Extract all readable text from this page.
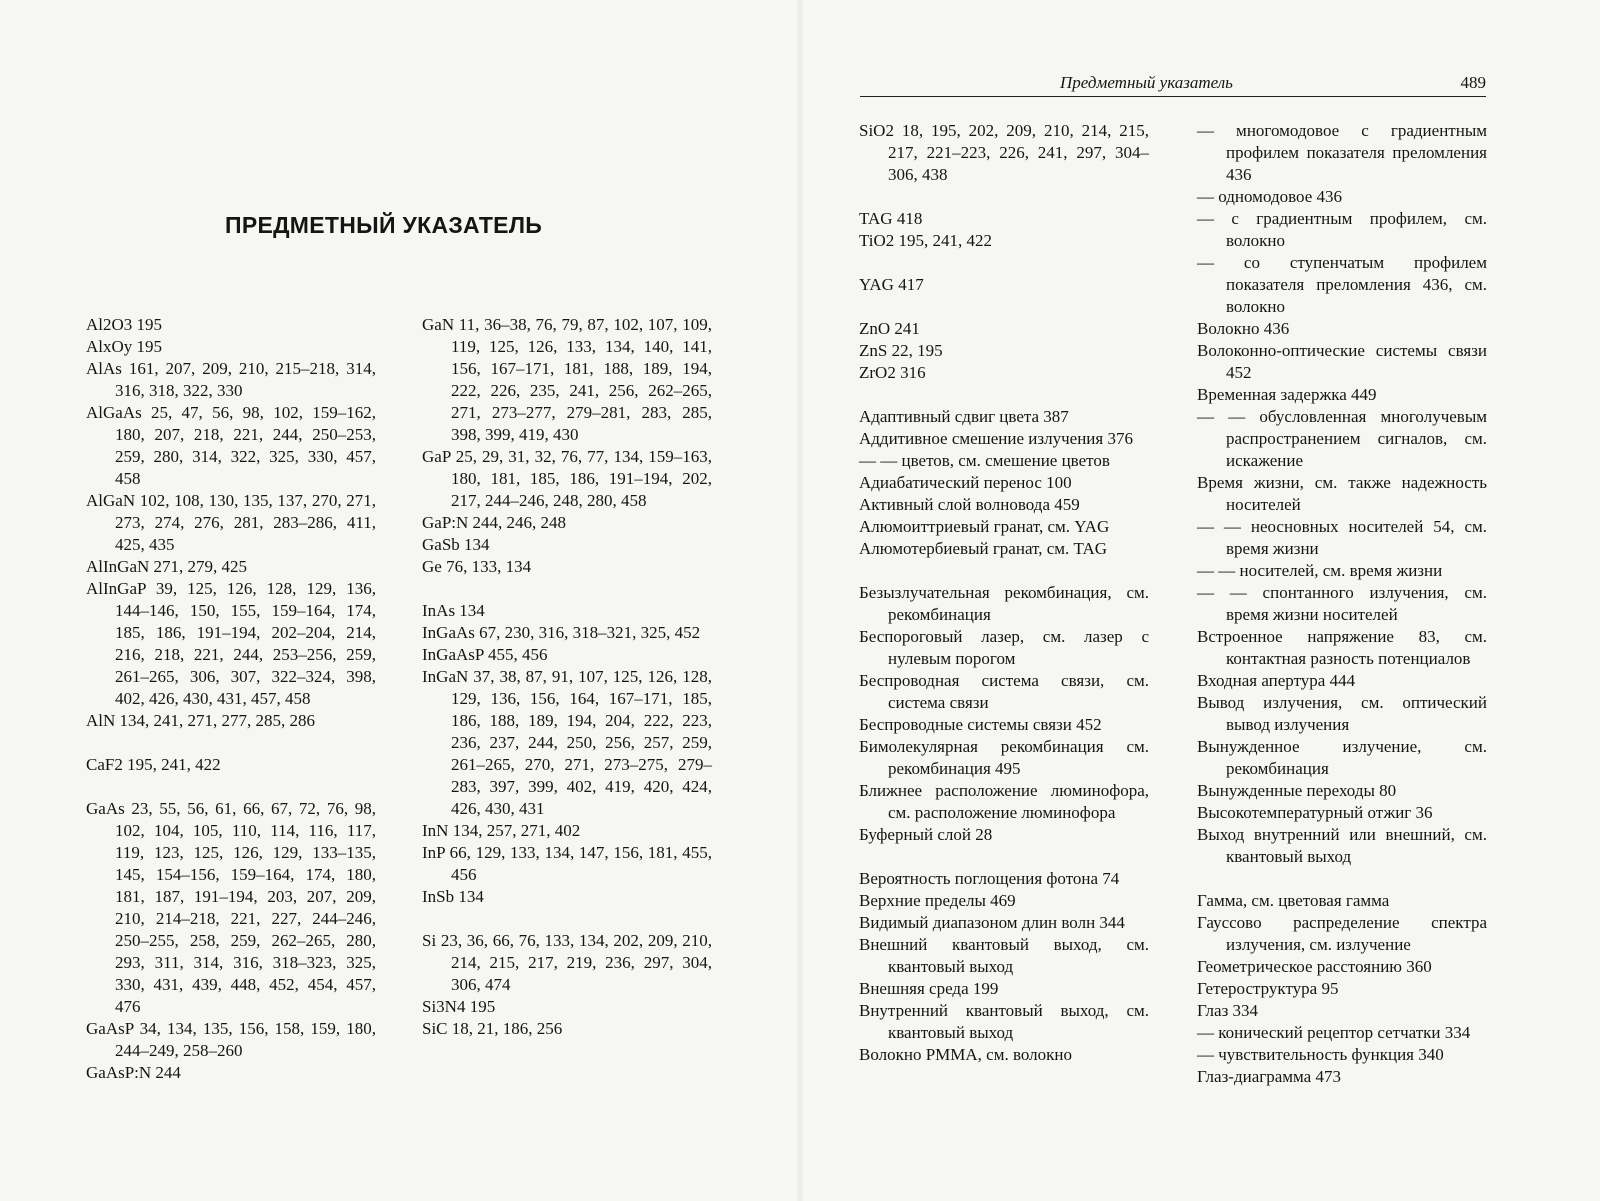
ПРЕДМЕТНЫЙ УКАЗАТЕЛЬ

Al2O3 195

AlxOy 195

AlAs 161, 207, 209, 210, 215–218, 314, 316, 318, 322, 330

AlGaAs 25, 47, 56, 98, 102, 159–162, 180, 207, 218, 221, 244, 250–253, 259, 280, 314, 322, 325, 330, 457, 458

AlGaN 102, 108, 130, 135, 137, 270, 271, 273, 274, 276, 281, 283–286, 411, 425, 435

AlInGaN 271, 279, 425

AlInGaP 39, 125, 126, 128, 129, 136, 144–146, 150, 155, 159–164, 174, 185, 186, 191–194, 202–204, 214, 216, 218, 221, 244, 253–256, 259, 261–265, 306, 307, 322–324, 398, 402, 426, 430, 431, 457, 458

AlN 134, 241, 271, 277, 285, 286

CaF2 195, 241, 422

GaAs 23, 55, 56, 61, 66, 67, 72, 76, 98, 102, 104, 105, 110, 114, 116, 117, 119, 123, 125, 126, 129, 133–135, 145, 154–156, 159–164, 174, 180, 181, 187, 191–194, 203, 207, 209, 210, 214–218, 221, 227, 244–246, 250–255, 258, 259, 262–265, 280, 293, 311, 314, 316, 318–323, 325, 330, 431, 439, 448, 452, 454, 457, 476

GaAsP 34, 134, 135, 156, 158, 159, 180, 244–249, 258–260

GaAsP:N 244

GaN 11, 36–38, 76, 79, 87, 102, 107, 109, 119, 125, 126, 133, 134, 140, 141, 156, 167–171, 181, 188, 189, 194, 222, 226, 235, 241, 256, 262–265, 271, 273–277, 279–281, 283, 285, 398, 399, 419, 430

GaP 25, 29, 31, 32, 76, 77, 134, 159–163, 180, 181, 185, 186, 191–194, 202, 217, 244–246, 248, 280, 458

GaP:N 244, 246, 248

GaSb 134

Ge 76, 133, 134

InAs 134

InGaAs 67, 230, 316, 318–321, 325, 452

InGaAsP 455, 456

InGaN 37, 38, 87, 91, 107, 125, 126, 128, 129, 136, 156, 164, 167–171, 185, 186, 188, 189, 194, 204, 222, 223, 236, 237, 244, 250, 256, 257, 259, 261–265, 270, 271, 273–275, 279–283, 397, 399, 402, 419, 420, 424, 426, 430, 431

InN 134, 257, 271, 402

InP 66, 129, 133, 134, 147, 156, 181, 455, 456

InSb 134

Si 23, 36, 66, 76, 133, 134, 202, 209, 210, 214, 215, 217, 219, 236, 297, 304, 306, 474

Si3N4 195

SiC 18, 21, 186, 256

Предметный указатель	489

SiO2 18, 195, 202, 209, 210, 214, 215, 217, 221–223, 226, 241, 297, 304–306, 438

TAG 418

TiO2 195, 241, 422

YAG 417

ZnO 241

ZnS 22, 195

ZrO2 316

Адаптивный сдвиг цвета 387

Аддитивное смешение излучения 376

— — цветов, см. смешение цветов

Адиабатический перенос 100

Активный слой волновода 459

Алюмоиттриевый гранат, см. YAG

Алюмотербиевый гранат, см. TAG

Безызлучательная рекомбинация, см. рекомбинация

Беспороговый лазер, см. лазер с нулевым порогом

Беспроводная система связи, см. система связи

Беспроводные системы связи 452

Бимолекулярная рекомбинация см. рекомбинация 495

Ближнее расположение люминофора, см. расположение люминофора

Буферный слой 28

Вероятность поглощения фотона 74

Верхние пределы 469

Видимый диапазоном длин волн 344

Внешний квантовый выход, см. квантовый выход

Внешняя среда 199

Внутренний квантовый выход, см. квантовый выход

Волокно PMMA, см. волокно

— многомодовое с градиентным профилем показателя преломления 436

— одномодовое 436

— с градиентным профилем, см. волокно

— со ступенчатым профилем показателя преломления 436, см. волокно

Волокно 436

Волоконно-оптические системы связи 452

Временная задержка 449

— — обусловленная многолучевым распространением сигналов, см. искажение

Время жизни, см. также надежность носителей

— — неосновных носителей 54, см. время жизни

— — носителей, см. время жизни

— — спонтанного излучения, см. время жизни носителей

Встроенное напряжение 83, см. контактная разность потенциалов

Входная апертура 444

Вывод излучения, см. оптический вывод излучения

Вынужденное излучение, см. рекомбинация

Вынужденные переходы 80

Высокотемпературный отжиг 36

Выход внутренний или внешний, см. квантовый выход

Гамма, см. цветовая гамма

Гауссово распределение спектра излучения, см. излучение

Геометрическое расстоянию 360

Гетероструктура 95

Глаз 334

— конический рецептор сетчатки 334

— чувствительность функция 340

Глаз-диаграмма 473
